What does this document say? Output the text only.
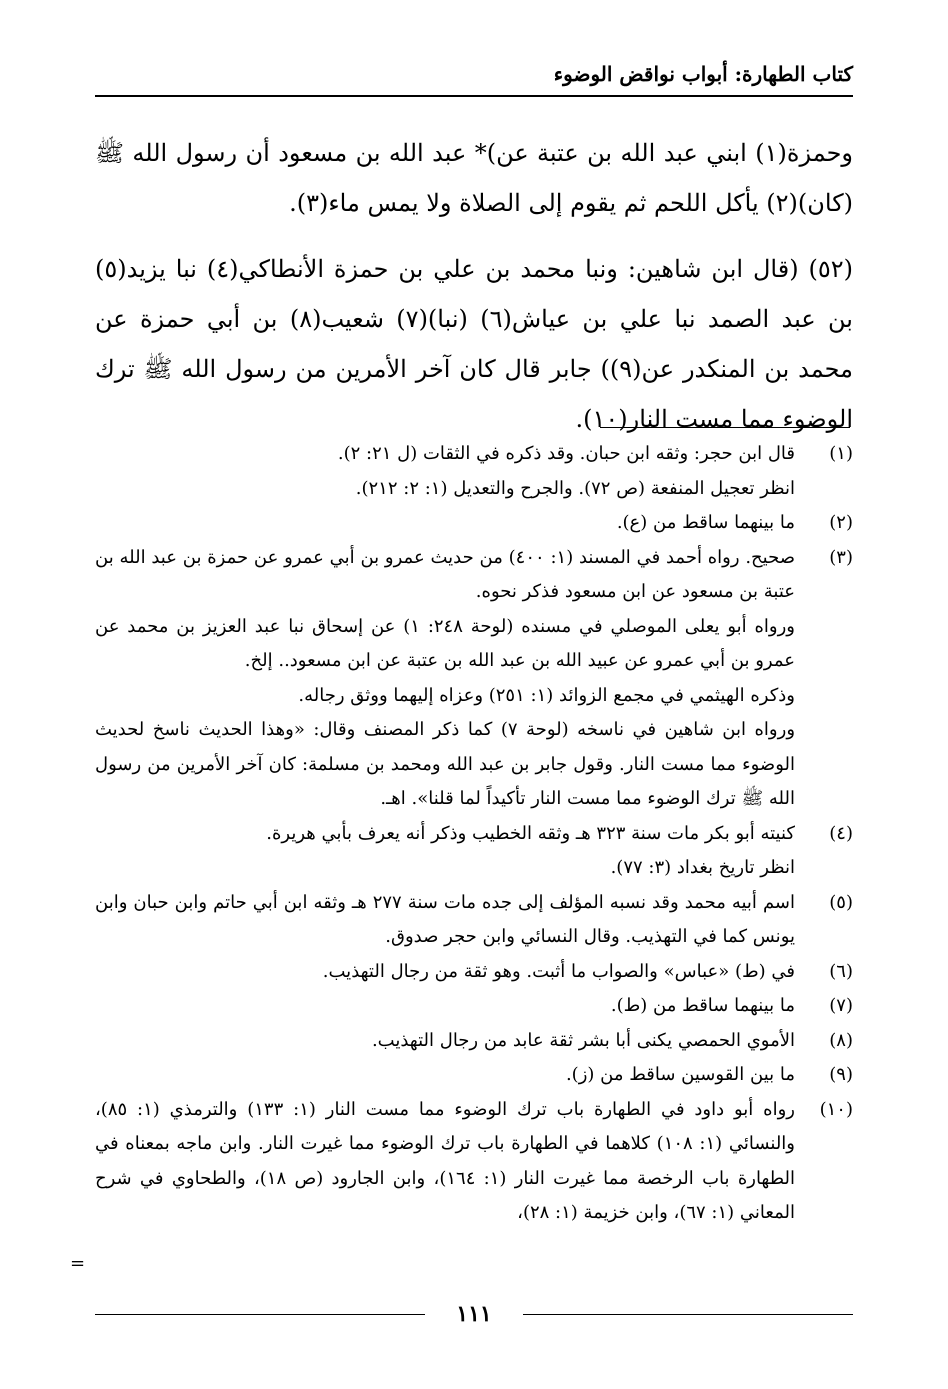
كتاب الطهارة: أبواب نواقض الوضوء

وحمزة(١) ابني عبد الله بن عتبة عن)* عبد الله بن مسعود أن رسول الله ﷺ (كان)(٢) يأكل اللحم ثم يقوم إلى الصلاة ولا يمس ماء(٣).

(٥٢) (قال ابن شاهين: ونبا محمد بن علي بن حمزة الأنطاكي(٤) نبا يزيد(٥) بن عبد الصمد نبا علي بن عياش(٦) (نبا)(٧) شعيب(٨) بن أبي حمزة عن محمد بن المنكدر عن(٩)) جابر قال كان آخر الأمرين من رسول الله ﷺ ترك الوضوء مما مست النار(١٠).

(١)
قال ابن حجر: وثقه ابن حبان. وقد ذكره في الثقات (ل ٢١: ٢).
انظر تعجيل المنفعة (ص ٧٢). والجرح والتعديل (١: ٢: ٢١٢).
(٢)
ما بينهما ساقط من (ع).
(٣)
صحيح. رواه أحمد في المسند (١: ٤٠٠) من حديث عمرو بن أبي عمرو عن حمزة بن عبد الله بن عتبة بن مسعود عن ابن مسعود فذكر نحوه.
ورواه أبو يعلى الموصلي في مسنده (لوحة ٢٤٨: ١) عن إسحاق نبا عبد العزيز بن محمد عن عمرو بن أبي عمرو عن عبيد الله بن عبد الله بن عتبة عن ابن مسعود.. إلخ.
وذكره الهيثمي في مجمع الزوائد (١: ٢٥١) وعزاه إليهما ووثق رجاله.
ورواه ابن شاهين في ناسخه (لوحة ٧) كما ذكر المصنف وقال: «وهذا الحديث ناسخ لحديث الوضوء مما مست النار. وقول جابر بن عبد الله ومحمد بن مسلمة: كان آخر الأمرين من رسول الله ﷺ ترك الوضوء مما مست النار تأكيداً لما قلنا». اهـ.
(٤)
كنيته أبو بكر مات سنة ٣٢٣ هـ وثقه الخطيب وذكر أنه يعرف بأبي هريرة.
انظر تاريخ بغداد (٣: ٧٧).
(٥)
اسم أبيه محمد وقد نسبه المؤلف إلى جده مات سنة ٢٧٧ هـ وثقه ابن أبي حاتم وابن حبان وابن يونس كما في التهذيب. وقال النسائي وابن حجر صدوق.
(٦)
في (ط) «عباس» والصواب ما أثبت. وهو ثقة من رجال التهذيب.
(٧)
ما بينهما ساقط من (ط).
(٨)
الأموي الحمصي يكنى أبا بشر ثقة عابد من رجال التهذيب.
(٩)
ما بين القوسين ساقط من (ز).
(١٠)
رواه أبو داود في الطهارة باب ترك الوضوء مما مست النار (١: ١٣٣) والترمذي (١: ٨٥)، والنسائي (١: ١٠٨) كلاهما في الطهارة باب ترك الوضوء مما غيرت النار. وابن ماجه بمعناه في الطهارة باب الرخصة مما غيرت النار (١: ١٦٤)، وابن الجارود (ص ١٨)، والطحاوي في شرح المعاني (١: ٦٧)، وابن خزيمة (١: ٢٨)،
=
١١١
